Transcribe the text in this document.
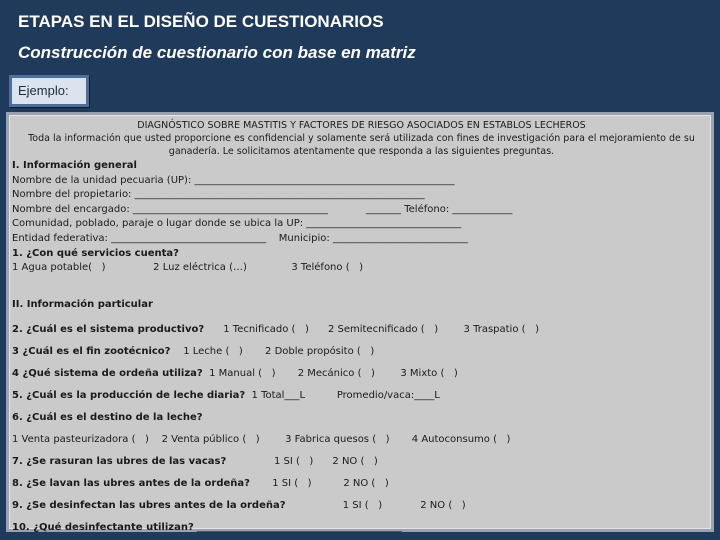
ETAPAS EN EL DISEÑO DE CUESTIONARIOS
Construcción de cuestionario con base en matriz
Ejemplo:
DIAGNÓSTICO SOBRE MASTITIS Y FACTORES DE RIESGO ASOCIADOS EN ESTABLOS LECHEROS
Toda la información que usted proporcione es confidencial y solamente será utilizada con fines de investigación para el mejoramiento de su ganadería. Le solicitamos atentamente que responda a las siguientes preguntas.
I. Información general
Nombre de la unidad pecuaria (UP): ____________________________________________________
Nombre del propietario: __________________________________________________________
Nombre del encargado: _______________________________________            _______ Teléfono: ____________
Comunidad, poblado, paraje o lugar donde se ubica la UP: _______________________________
Entidad federativa: _______________________________    Municipio: ___________________________
1. ¿Con qué servicios cuenta?
1 Agua potable(   )               2 Luz eléctrica (…)              3 Teléfono (   )
II. Información particular
2. ¿Cuál es el sistema productivo?      1 Tecnificado (   )      2 Semitecnificado (   )        3 Traspatio (   )
3 ¿Cuál es el fin zootécnico?    1 Leche (   )       2 Doble propósito (   )
4 ¿Qué sistema de ordeña utiliza?  1 Manual (   )       2 Mecánico (   )        3 Mixto (   )
5. ¿Cuál es la producción de leche diaria?  1 Total___L          Promedio/vaca:____L
6. ¿Cuál es el destino de la leche?
1 Venta pasteurizadora (   )    2 Venta público (   )        3 Fabrica quesos (   )       4 Autoconsumo (   )
7. ¿Se rasuran las ubres de las vacas?               1 SI (   )      2 NO (   )
8. ¿Se lavan las ubres antes de la ordeña?       1 SI (   )          2 NO (   )
9. ¿Se desinfectan las ubres antes de la ordeña?                  1 SI (   )            2 NO (   )
10. ¿Qué desinfectante utilizan? _________________________________________
